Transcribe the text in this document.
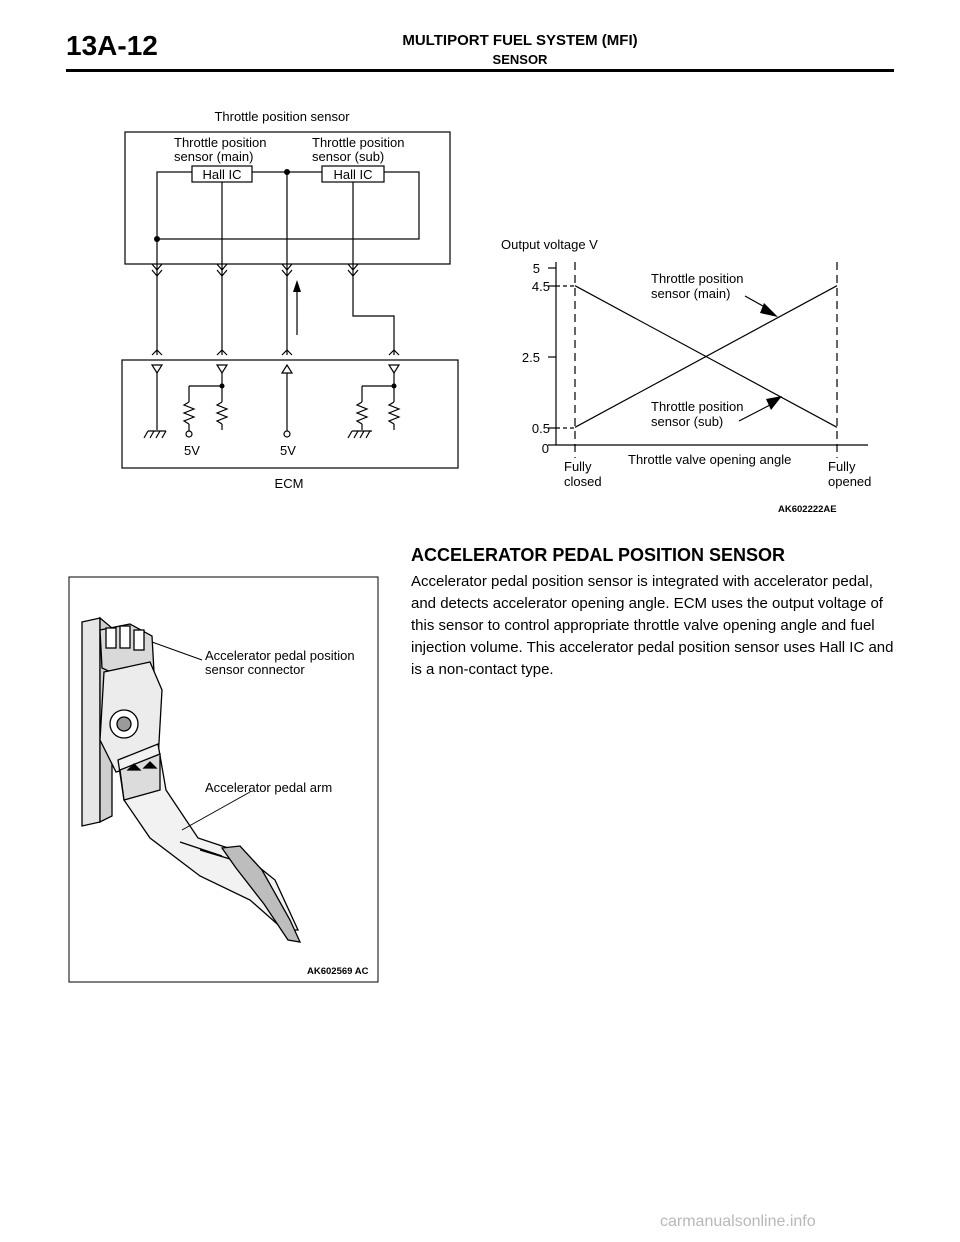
13A-12	MULTIPORT FUEL SYSTEM (MFI)
SENSOR
Throttle position sensor
Throttle position
sensor (main)
Throttle position
sensor (sub)
Hall IC	Hall IC
5V	5V
ECM
Output voltage V
5
4.5
2.5
0.5
0
Throttle position
sensor (main)
Throttle position
sensor (sub)
Throttle valve opening angle
Fully
closed
Fully
opened
AK602222AE
ACCELERATOR PEDAL POSITION SENSOR
Accelerator pedal position sensor is integrated with accelerator pedal, and detects accelerator opening angle. ECM uses the output voltage of this sensor to control appropriate throttle valve opening angle and fuel injection volume. This accelerator pedal position sensor uses Hall IC and is a non-contact type.
Accelerator pedal position
sensor connector
Accelerator pedal arm
AK602569 AC
carmanualsonline.info
